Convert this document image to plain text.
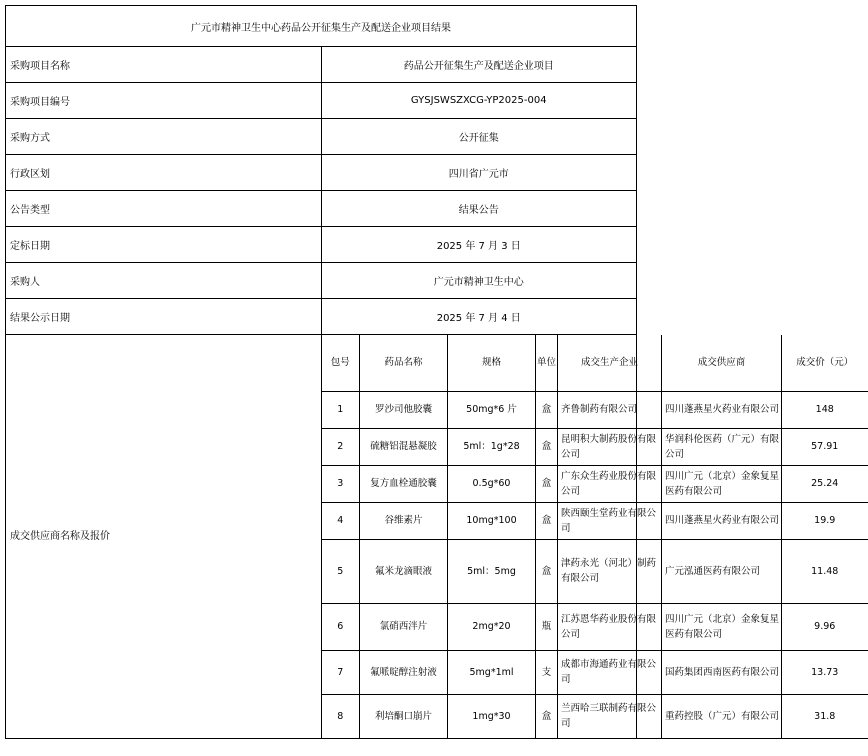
广元市精神卫生中心药品公开征集生产及配送企业项目结果
采购项目名称	药品公开征集生产及配送企业项目
采购项目编号	GYSJSWSZXCG-YP2025-004
采购方式	公开征集
行政区划	四川省广元市
公告类型	结果公告
定标日期	2025 年 7 月 3 日
采购人	广元市精神卫生中心
结果公示日期	2025 年 7 月 4 日
成交供应商名称及报价	
包号	药品名称	规格	单位	成交生产企业	成交供应商	成交价（元）
1	罗沙司他胶囊	50mg*6 片	盒	齐鲁制药有限公司	四川蓬燕星火药业有限公司	148
2	硫糖铝混悬凝胶	5ml：1g*28	盒	昆明积大制药股份有限公司	华润科伦医药（广元）有限公司	57.91
3	复方血栓通胶囊	0.5g*60	盒	广东众生药业股份有限公司	四川广元（北京）金象复星医药有限公司	25.24
4	谷维素片	10mg*100	盒	陕西颐生堂药业有限公司	四川蓬燕星火药业有限公司	19.9
5	氟米龙滴眼液	5ml：5mg	盒	津药永光（河北）制药有限公司	广元泓通医药有限公司	11.48
6	氯硝西泮片	2mg*20	瓶	江苏恩华药业股份有限公司	四川广元（北京）金象复星医药有限公司	9.96
7	氟哌啶醇注射液	5mg*1ml	支	成都市海通药业有限公司	国药集团西南医药有限公司	13.73
8	利培酮口崩片	1mg*30	盒	兰西哈三联制药有限公司	重药控股（广元）有限公司	31.8
